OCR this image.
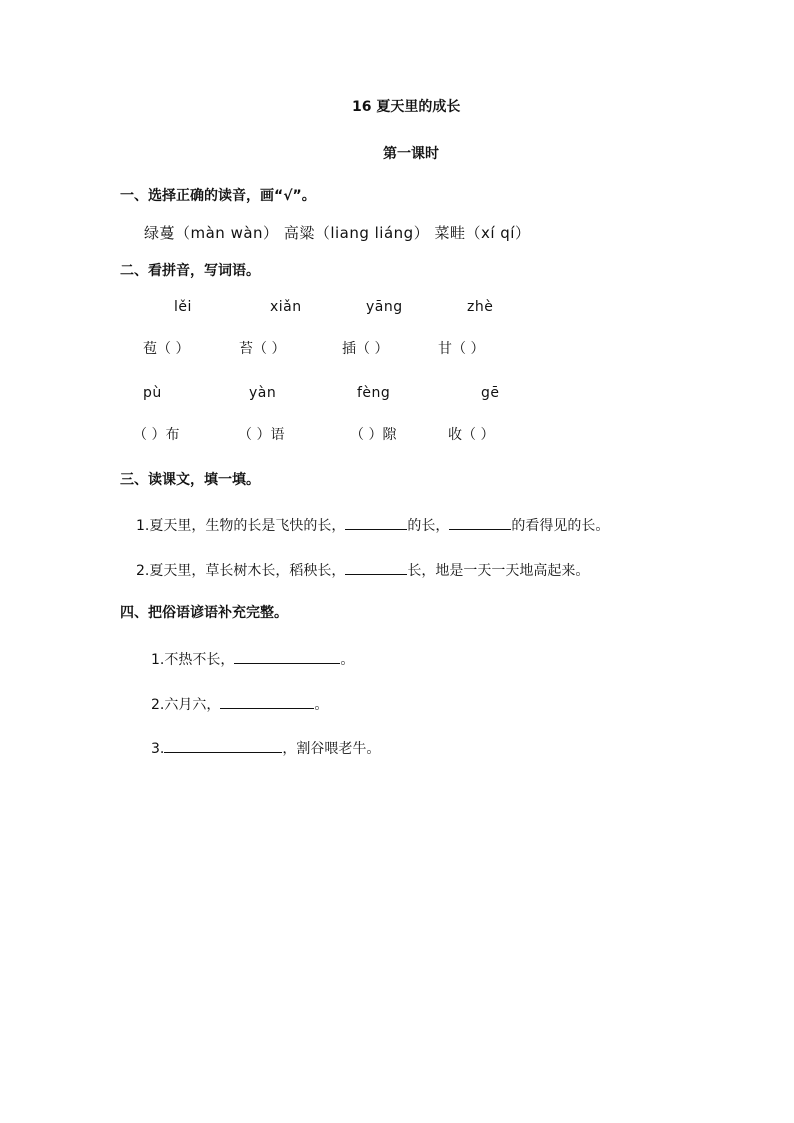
16 夏天里的成长
第一课时
一、选择正确的读音，画“√”。
绿蔓（màn wàn） 高粱（liang liáng） 菜畦（xí qí）
二、看拼音，写词语。
lěi	xiǎn	yāng	zhè
苞（ ）	苔（ ）	插（ ）	甘（ ）
pù	yàn	fèng	gē
（ ）布	（ ）语	（ ）隙	收（ ）
三、读课文，填一填。
1.夏天里，生物的长是飞快的长，	的长，	的看得见的长。
2.夏天里，草长树木长，稻秧长，	长，地是一天一天地高起来。
四、把俗语谚语补充完整。
1.不热不长，	。
2.六月六，	。
3.	，割谷喂老牛。
